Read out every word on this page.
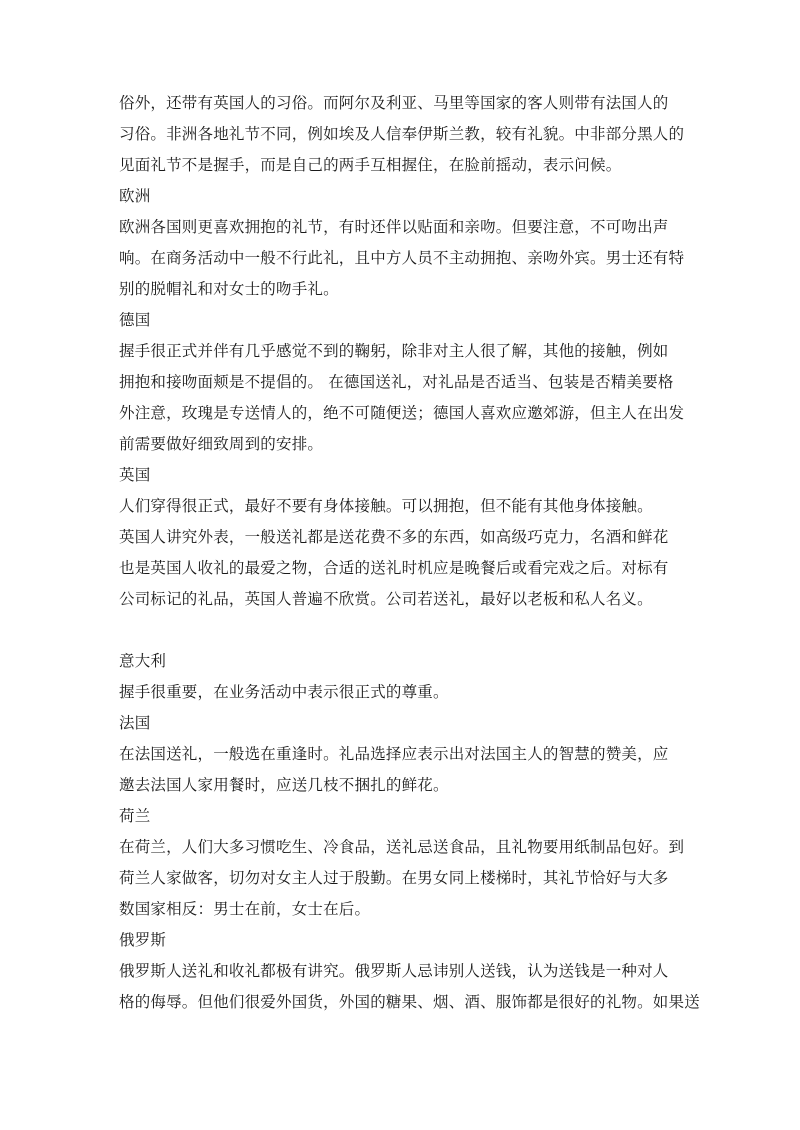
俗外，还带有英国人的习俗。而阿尔及利亚、马里等国家的客人则带有法国人的
习俗。非洲各地礼节不同，例如埃及人信奉伊斯兰教，较有礼貌。中非部分黑人的
见面礼节不是握手，而是自己的两手互相握住，在脸前摇动，表示问候。
欧洲
欧洲各国则更喜欢拥抱的礼节，有时还伴以贴面和亲吻。但要注意，不可吻出声
响。在商务活动中一般不行此礼，且中方人员不主动拥抱、亲吻外宾。男士还有特
别的脱帽礼和对女士的吻手礼。
德国
握手很正式并伴有几乎感觉不到的鞠躬，除非对主人很了解，其他的接触，例如
拥抱和接吻面颊是不提倡的。 在德国送礼，对礼品是否适当、包装是否精美要格
外注意，玫瑰是专送情人的，绝不可随便送；德国人喜欢应邀郊游，但主人在出发
前需要做好细致周到的安排。
英国
人们穿得很正式，最好不要有身体接触。可以拥抱，但不能有其他身体接触。
英国人讲究外表，一般送礼都是送花费不多的东西，如高级巧克力，名酒和鲜花
也是英国人收礼的最爱之物，合适的送礼时机应是晚餐后或看完戏之后。对标有
公司标记的礼品，英国人普遍不欣赏。公司若送礼，最好以老板和私人名义。
意大利
握手很重要，在业务活动中表示很正式的尊重。
法国
在法国送礼，一般选在重逢时。礼品选择应表示出对法国主人的智慧的赞美，应
邀去法国人家用餐时，应送几枝不捆扎的鲜花。
荷兰
在荷兰，人们大多习惯吃生、冷食品，送礼忌送食品，且礼物要用纸制品包好。到
荷兰人家做客，切勿对女主人过于殷勤。在男女同上楼梯时，其礼节恰好与大多
数国家相反：男士在前，女士在后。
俄罗斯
俄罗斯人送礼和收礼都极有讲究。俄罗斯人忌讳别人送钱，认为送钱是一种对人
格的侮辱。但他们很爱外国货，外国的糖果、烟、酒、服饰都是很好的礼物。如果送
